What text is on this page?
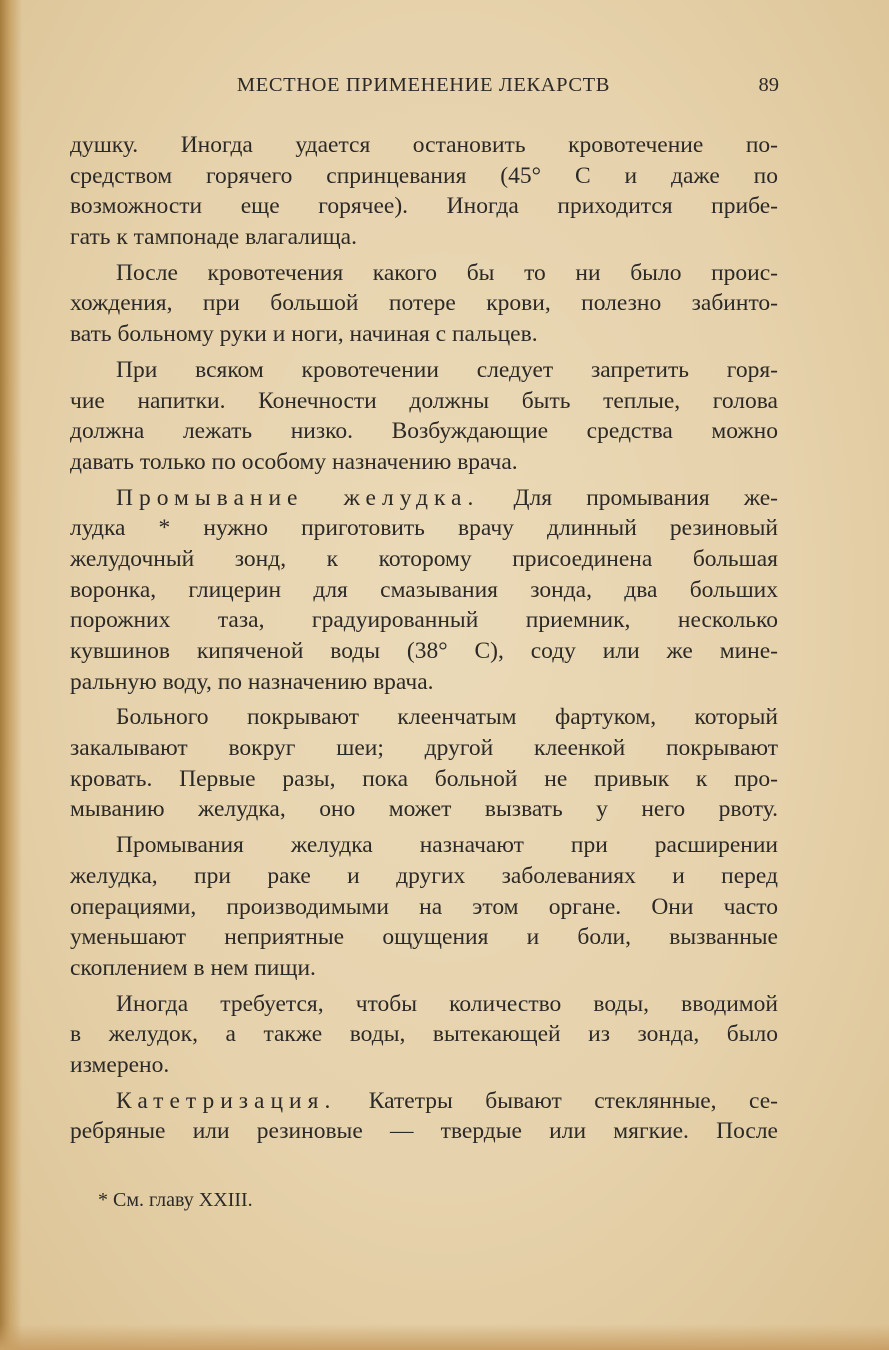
МЕСТНОЕ ПРИМЕНЕНИЕ ЛЕКАРСТВ	89
душку. Иногда удается остановить кровотечение по-
средством горячего спринцевания (45° С и даже по
возможности еще горячее). Иногда приходится прибе-
гать к тампонаде влагалища.
После кровотечения какого бы то ни было проис-
хождения, при большой потере крови, полезно забинто-
вать больному руки и ноги, начиная с пальцев.
При всяком кровотечении следует запретить горя-
чие напитки. Конечности должны быть теплые, голова
должна лежать низко. Возбуждающие средства можно
давать только по особому назначению врача.
Промывание желудка. Для промывания же-
лудка * нужно приготовить врачу длинный резиновый
желудочный зонд, к которому присоединена большая
воронка, глицерин для смазывания зонда, два больших
порожних таза, градуированный приемник, несколько
кувшинов кипяченой воды (38° С), соду или же мине-
ральную воду, по назначению врача.
Больного покрывают клеенчатым фартуком, который
закалывают вокруг шеи; другой клеенкой покрывают
кровать. Первые разы, пока больной не привык к про-
мыванию желудка, оно может вызвать у него рвоту.
Промывания желудка назначают при расширении
желудка, при раке и других заболеваниях и перед
операциями, производимыми на этом органе. Они часто
уменьшают неприятные ощущения и боли, вызванные
скоплением в нем пищи.
Иногда требуется, чтобы количество воды, вводимой
в желудок, а также воды, вытекающей из зонда, было
измерено.
Катетризация. Катетры бывают стеклянные, се-
ребряные или резиновые — твердые или мягкие. После
* См. главу XXIII.
